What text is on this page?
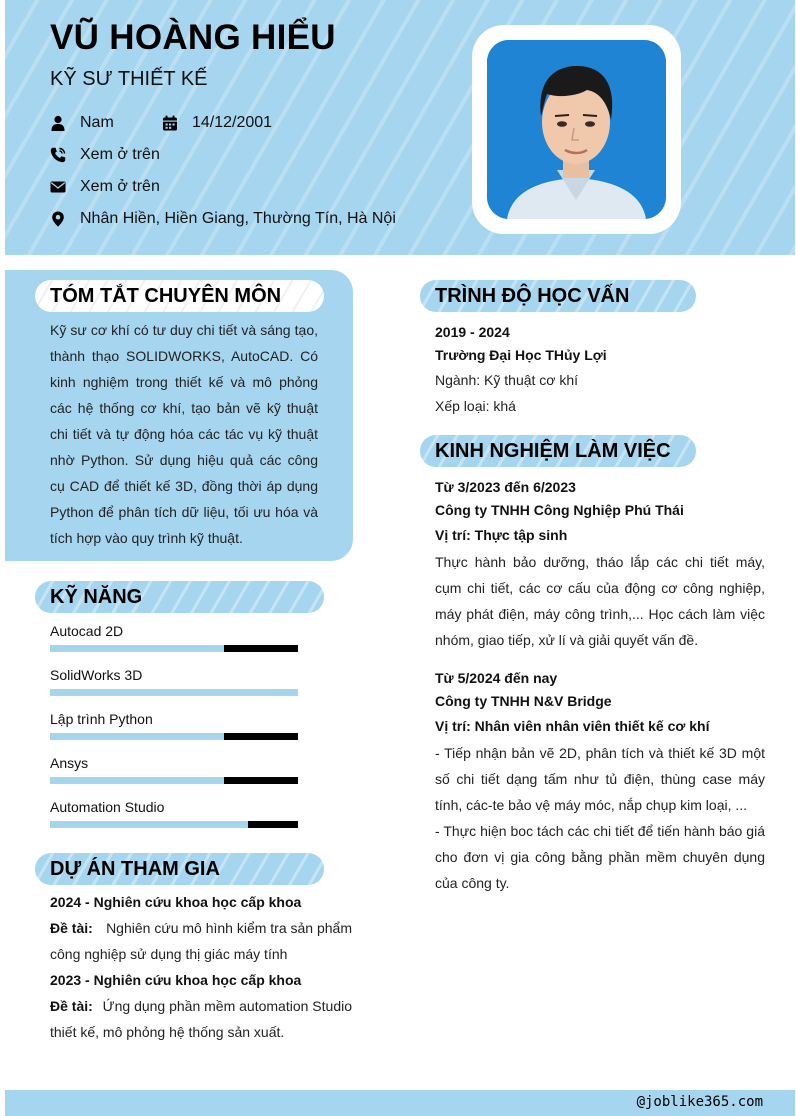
VŨ HOÀNG HIỂU
KỸ SƯ THIẾT KẾ
Nam	14/12/2001
Xem ở trên
Xem ở trên
Nhân Hiền, Hiền Giang, Thường Tín, Hà Nội
TÓM TẮT CHUYÊN MÔN
Kỹ sư cơ khí có tư duy chi tiết và sáng tạo, thành thạo SOLIDWORKS, AutoCAD. Có kinh nghiệm trong thiết kế và mô phỏng các hệ thống cơ khí, tạo bản vẽ kỹ thuật chi tiết và tự động hóa các tác vụ kỹ thuật nhờ Python. Sử dụng hiệu quả các công cụ CAD để thiết kế 3D, đồng thời áp dụng Python để phân tích dữ liệu, tối ưu hóa và tích hợp vào quy trình kỹ thuật.
KỸ NĂNG
Autocad 2D
SolidWorks 3D
Lập trình Python
Ansys
Automation Studio
DỰ ÁN THAM GIA
2024 - Nghiên cứu khoa học cấp khoa
Đề tài: Nghiên cứu mô hình kiểm tra sản phẩm
công nghiệp sử dụng thị giác máy tính
2023 - Nghiên cứu khoa học cấp khoa
Đề tài: Ứng dụng phần mềm automation Studio
thiết kế, mô phỏng hệ thống sản xuất.
TRÌNH ĐỘ HỌC VẤN
2019 - 2024
Trường Đại Học THủy Lợi
Ngành: Kỹ thuật cơ khí
Xếp loại: khá
KINH NGHIỆM LÀM VIỆC
Từ 3/2023 đến 6/2023
Công ty TNHH Công Nghiệp Phú Thái
Vị trí: Thực tập sinh
Thực hành bảo dưỡng, tháo lắp các chi tiết máy, cụm chi tiết, các cơ cấu của động cơ công nghiệp, máy phát điện, máy công trình,... Học cách làm việc nhóm, giao tiếp, xử lí và giải quyết vấn đề.
Từ 5/2024 đến nay
Công ty TNHH N&V Bridge
Vị trí: Nhân viên nhân viên thiết kế cơ khí
- Tiếp nhận bản vẽ 2D, phân tích và thiết kế 3D một số chi tiết dạng tấm như tủ điện, thùng case máy tính, các-te bảo vệ máy móc, nắp chụp kim loại, ...
- Thực hiện boc tách các chi tiết để tiến hành báo giá cho đơn vị gia công bằng phần mềm chuyên dụng của công ty.
@joblike365.com
